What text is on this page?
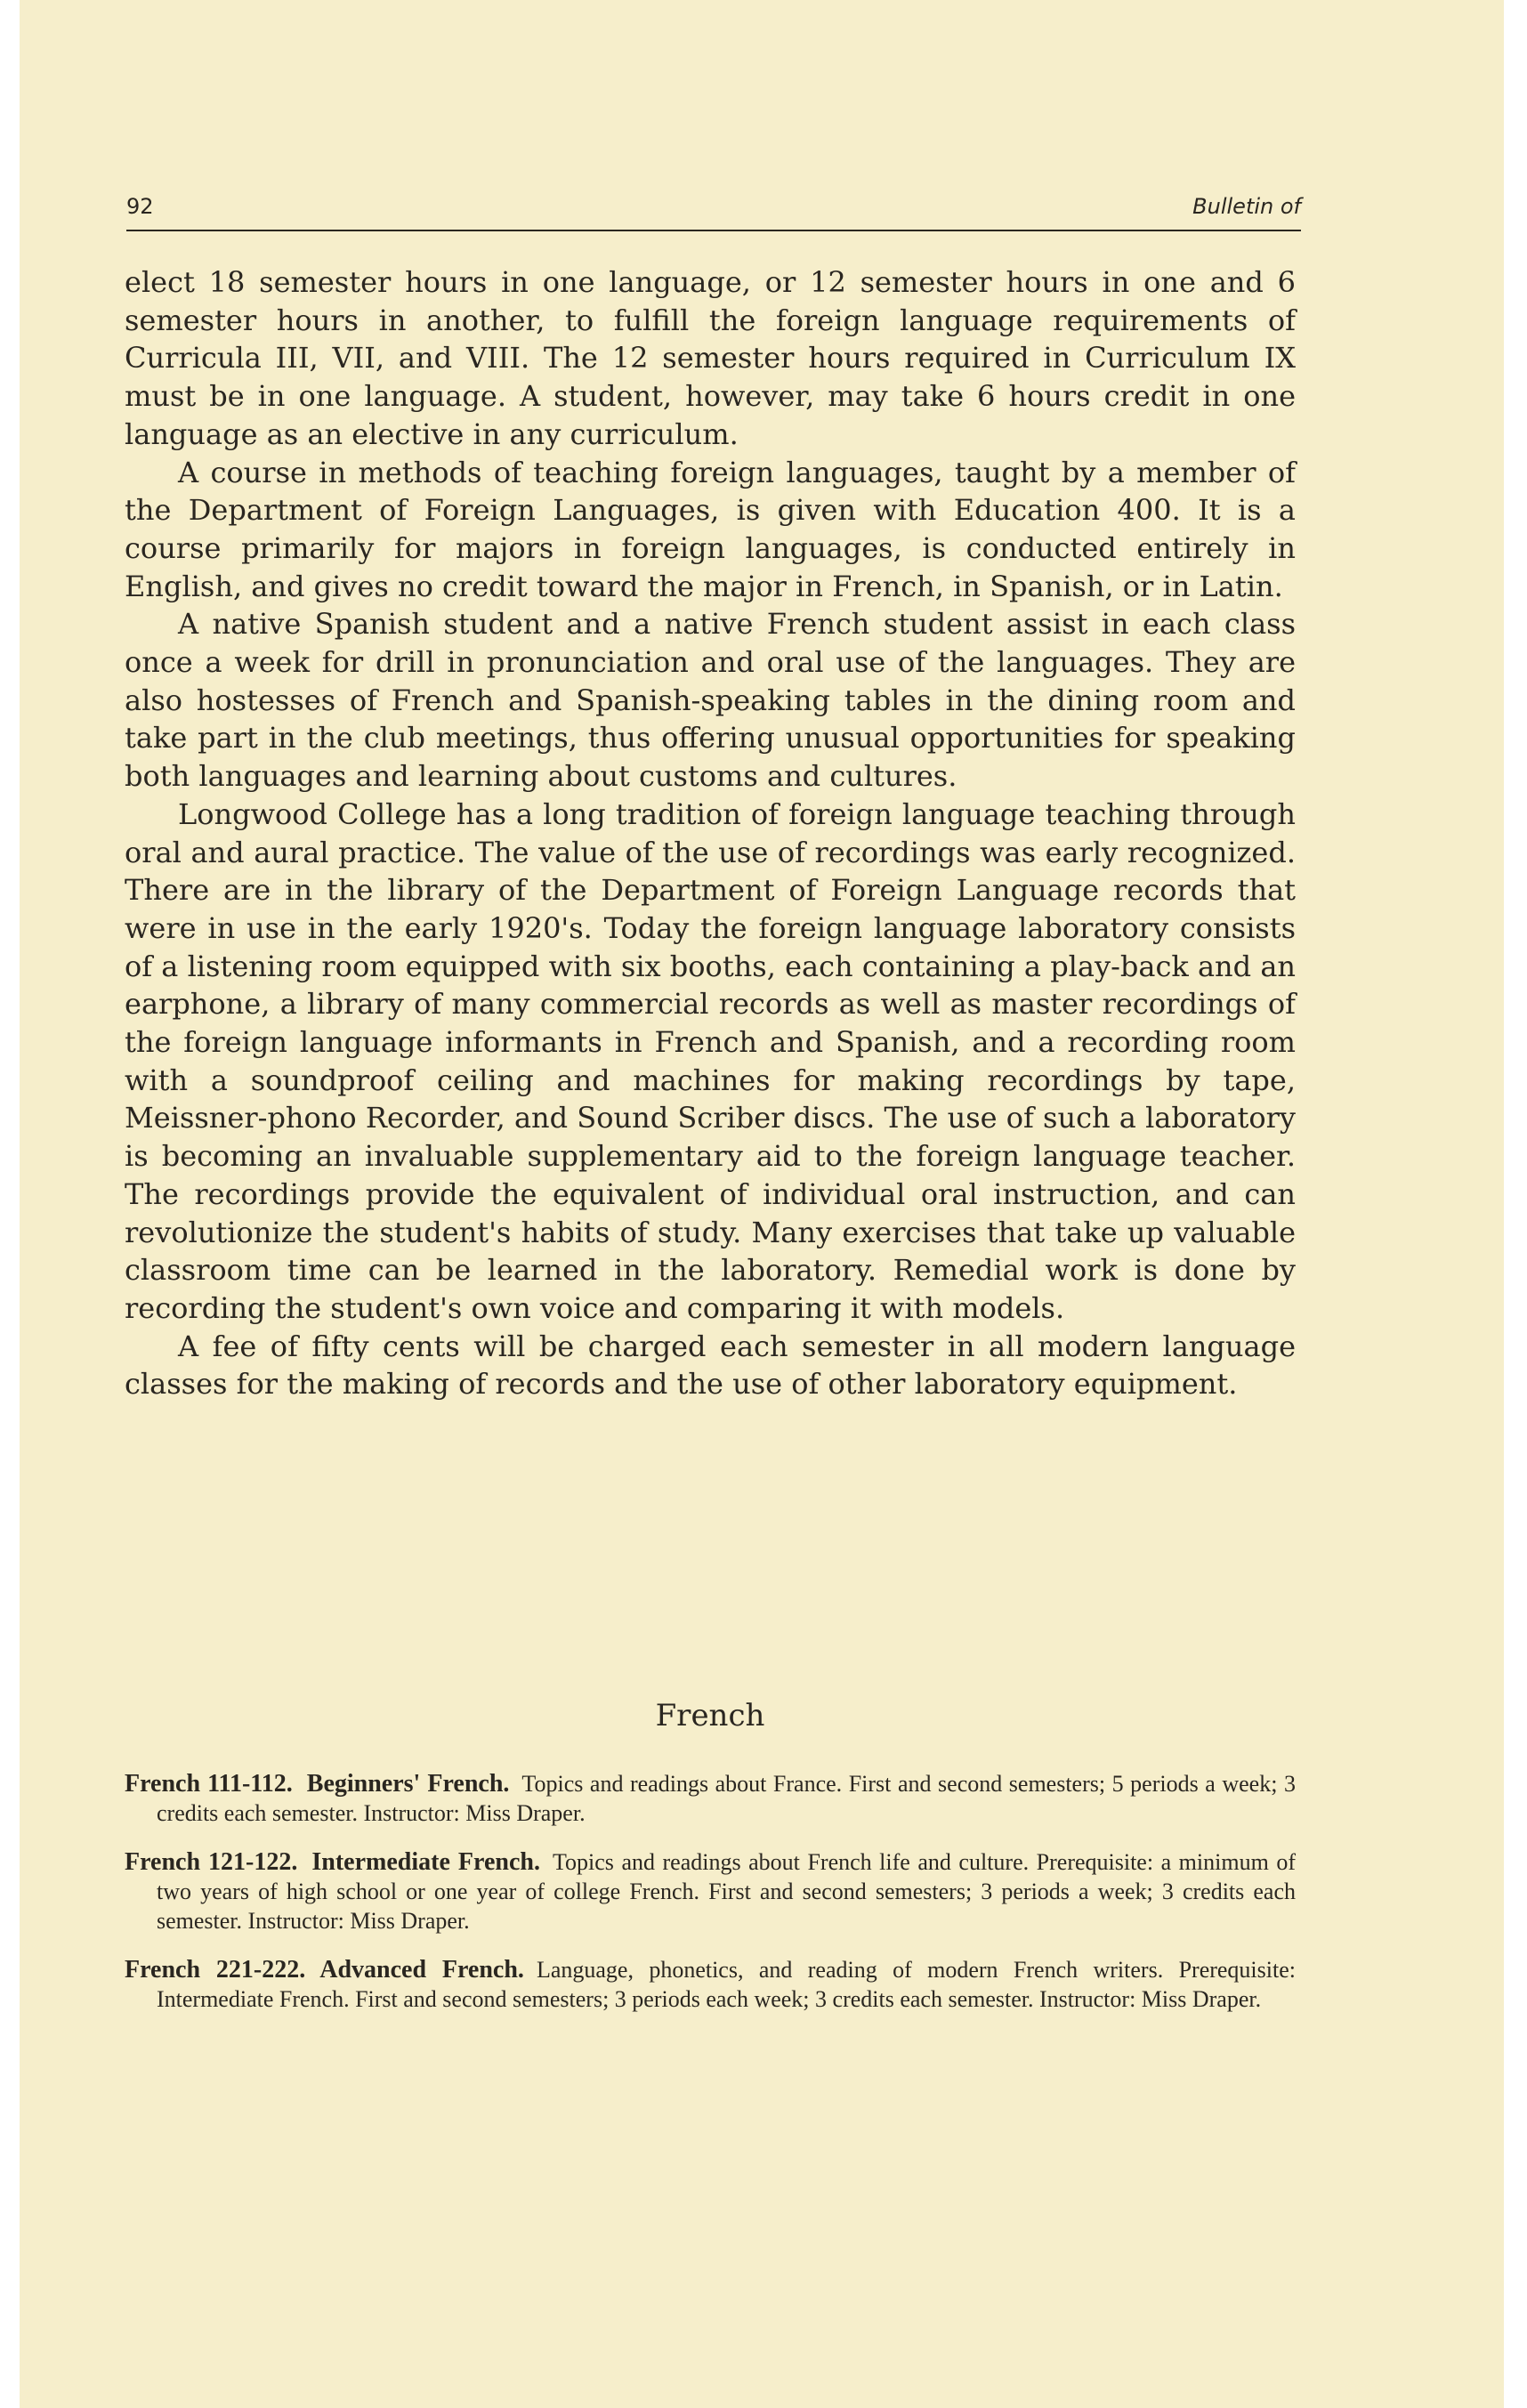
92	Bulletin of

elect 18 semester hours in one language, or 12 semester hours in one and 6 semester hours in another, to fulfill the foreign language requirements of Curricula III, VII, and VIII. The 12 semester hours required in Curriculum IX must be in one language. A student, however, may take 6 hours credit in one language as an elective in any curriculum.

A course in methods of teaching foreign languages, taught by a member of the Department of Foreign Languages, is given with Education 400. It is a course primarily for majors in foreign languages, is conducted entirely in English, and gives no credit toward the major in French, in Spanish, or in Latin.

A native Spanish student and a native French student assist in each class once a week for drill in pronunciation and oral use of the languages. They are also hostesses of French and Spanish-speaking tables in the dining room and take part in the club meetings, thus offering unusual opportunities for speaking both languages and learning about customs and cultures.

Longwood College has a long tradition of foreign language teaching through oral and aural practice. The value of the use of recordings was early recognized. There are in the library of the Department of Foreign Language records that were in use in the early 1920's. Today the foreign language laboratory consists of a listening room equipped with six booths, each containing a play-back and an earphone, a library of many commercial records as well as master recordings of the foreign language informants in French and Spanish, and a recording room with a soundproof ceiling and machines for making recordings by tape, Meissner-phono Recorder, and Sound Scriber discs. The use of such a laboratory is becoming an invaluable supplementary aid to the foreign language teacher. The recordings provide the equivalent of individual oral instruction, and can revolutionize the student's habits of study. Many exercises that take up valuable classroom time can be learned in the laboratory. Remedial work is done by recording the student's own voice and comparing it with models.

A fee of fifty cents will be charged each semester in all modern language classes for the making of records and the use of other laboratory equipment.

French

French 111-112. Beginners' French. Topics and readings about France. First and second semesters; 5 periods a week; 3 credits each semester. Instructor: Miss Draper.

French 121-122. Intermediate French. Topics and readings about French life and culture. Prerequisite: a minimum of two years of high school or one year of college French. First and second semesters; 3 periods a week; 3 credits each semester. Instructor: Miss Draper.

French 221-222. Advanced French. Language, phonetics, and reading of modern French writers. Prerequisite: Intermediate French. First and second semesters; 3 periods each week; 3 credits each semester. Instructor: Miss Draper.
